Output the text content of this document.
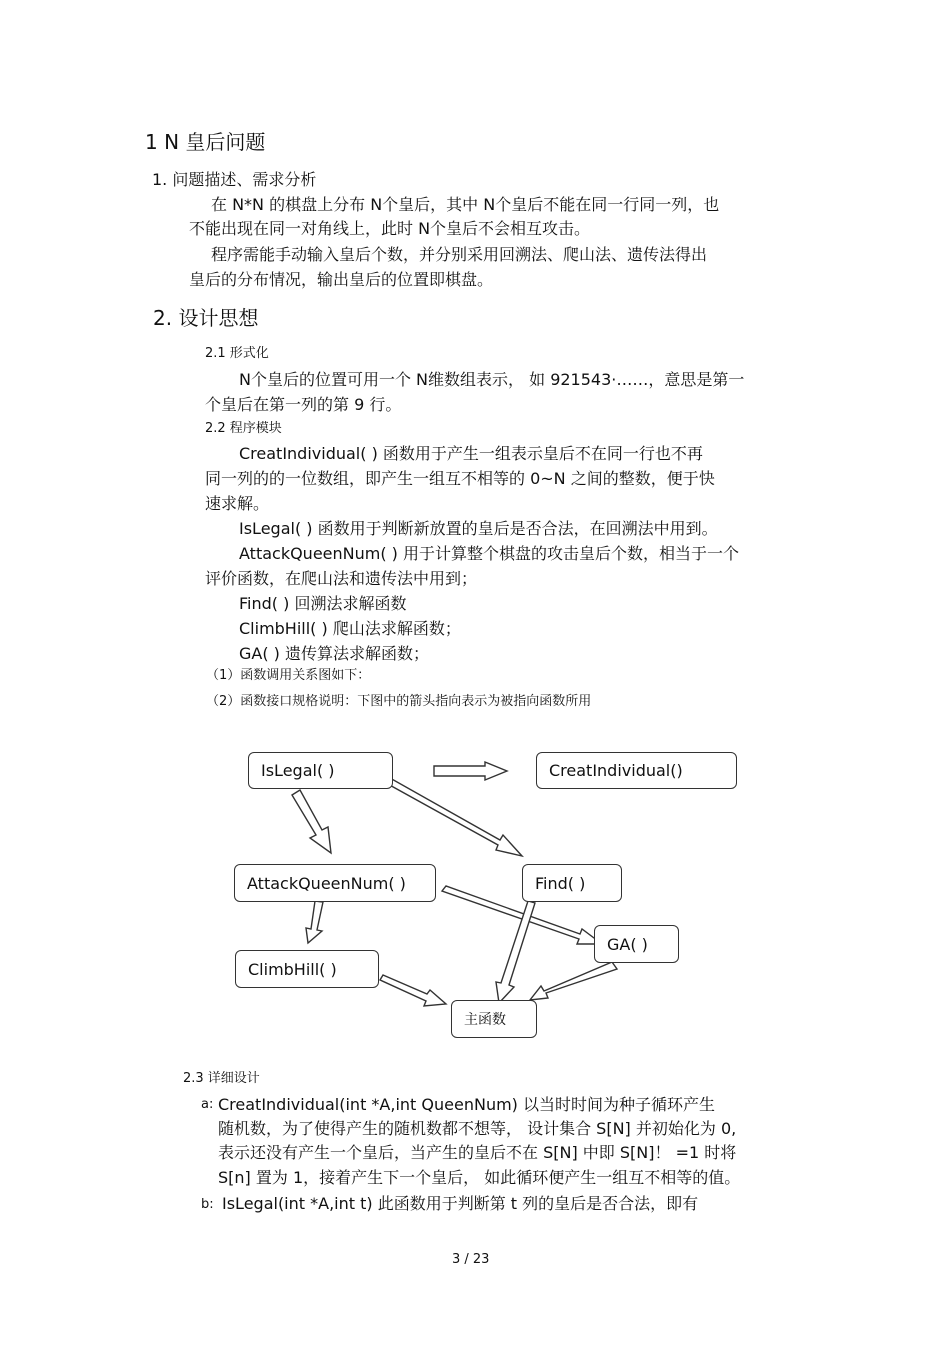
1 N 皇后问题
1. 问题描述、需求分析
在 N*N 的棋盘上分布 N个皇后，其中 N个皇后不能在同一行同一列，也
不能出现在同一对角线上，此时 N个皇后不会相互攻击。
程序需能手动输入皇后个数，并分别采用回溯法、爬山法、遗传法得出
皇后的分布情况，输出皇后的位置即棋盘。
2. 设计思想
2.1 形式化
N个皇后的位置可用一个 N维数组表示， 如 921543·……，意思是第一
个皇后在第一列的第 9 行。
2.2 程序模块
CreatIndividual( ) 函数用于产生一组表示皇后不在同一行也不再
同一列的的一位数组，即产生一组互不相等的 0~N 之间的整数，便于快
速求解。
IsLegal( ) 函数用于判断新放置的皇后是否合法，在回溯法中用到。
AttackQueenNum( ) 用于计算整个棋盘的攻击皇后个数，相当于一个
评价函数，在爬山法和遗传法中用到；
Find( ) 回溯法求解函数
ClimbHill( ) 爬山法求解函数；
GA( ) 遗传算法求解函数；
（1）函数调用关系图如下：
（2）函数接口规格说明：下图中的箭头指向表示为被指向函数所用
IsLegal( )	CreatIndividual()
AttackQueenNum( )	Find( )
GA( )
ClimbHill( )
主函数
2.3 详细设计
a: CreatIndividual(int *A,int QueenNum) 以当时时间为种子循环产生
随机数，为了使得产生的随机数都不想等， 设计集合 S[N] 并初始化为 0,
表示还没有产生一个皇后，当产生的皇后不在 S[N] 中即 S[N]！ =1 时将
S[n] 置为 1，接着产生下一个皇后， 如此循环便产生一组互不相等的值。
b: IsLegal(int *A,int t) 此函数用于判断第 t 列的皇后是否合法，即有
3 / 23
